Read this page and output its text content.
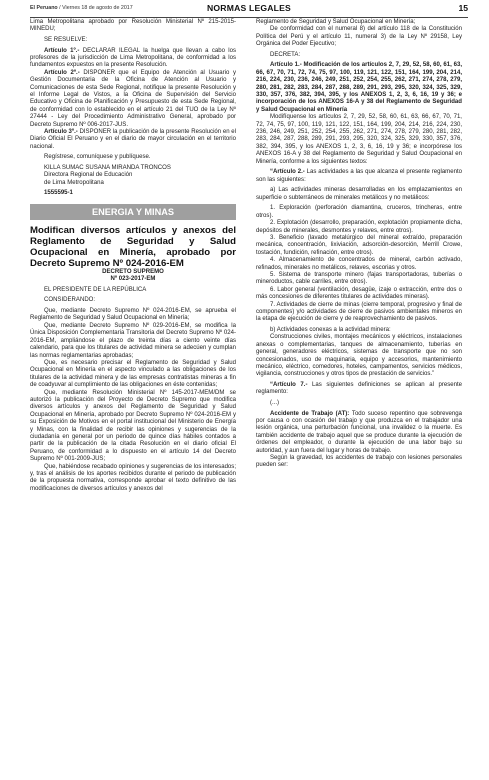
El Peruano / Viernes 18 de agosto de 2017	NORMAS LEGALES	15

Lima Metropolitana aprobado por Resolución Ministerial Nº 215-2015-MINEDU;

SE RESUELVE:

Artículo 1º.- DECLARAR ILEGAL la huelga que llevan a cabo los profesores de la jurisdicción de Lima Metropolitana, de conformidad a los fundamentos expuestos en la presente Resolución.

Artículo 2º.- DISPONER que el Equipo de Atención al Usuario y Gestión Documentaria de la Oficina de Atención al Usuario y Comunicaciones de esta Sede Regional, notifique la presente Resolución y el Informe Legal de Vistos, a la Oficina de Supervisión del Servicio Educativo y Oficina de Planificación y Presupuesto de esta Sede Regional, de conformidad con lo establecido en el artículo 21 del TUO de la Ley Nº 27444 - Ley del Procedimiento Administrativo General, aprobado por Decreto Supremo Nº 006-2017-JUS.

Artículo 3º.- DISPONER la publicación de la presente Resolución en el Diario Oficial El Peruano y en el diario de mayor circulación en el territorio nacional.

Regístrese, comuníquese y publíquese.

KILLA SUMAC SUSANA MIRANDA TRONCOS

Directora Regional de Educación

de Lima Metropolitana

1555595-1

ENERGIA Y MINAS

Modifican diversos artículos y anexos del Reglamento de Seguridad y Salud Ocupacional en Minería, aprobado por Decreto Supremo Nº 024-2016-EM

DECRETO SUPREMO

Nº 023-2017-EM

EL PRESIDENTE DE LA REPÚBLICA

CONSIDERANDO:

Que, mediante Decreto Supremo Nº 024-2016-EM, se aprueba el Reglamento de Seguridad y Salud Ocupacional en Minería;

Que, mediante Decreto Supremo Nº 029-2016-EM, se modifica la Única Disposición Complementaria Transitoria del Decreto Supremo Nº 024-2016-EM, ampliándose el plazo de treinta días a ciento veinte días calendario, para que los titulares de actividad minera se adecúen y cumplan las normas reglamentarias aprobadas;

Que, es necesario precisar el Reglamento de Seguridad y Salud Ocupacional en Minería en el aspecto vinculado a las obligaciones de los titulares de la actividad minera y de las empresas contratistas mineras a fin de coadyuvar al cumplimiento de las obligaciones en éste contenidas;

Que, mediante Resolución Ministerial Nº 145-2017-MEM/DM se autorizó la publicación del Proyecto de Decreto Supremo que modifica diversos artículos y anexos del Reglamento de Seguridad y Salud Ocupacional en Minería, aprobado por Decreto Supremo Nº 024-2016-EM y su Exposición de Motivos en el portal institucional del Ministerio de Energía y Minas, con la finalidad de recibir las opiniones y sugerencias de la ciudadanía en general por un periodo de quince días hábiles contados a partir de la publicación de la citada Resolución en el diario oficial El Peruano, de conformidad a lo dispuesto en el artículo 14 del Decreto Supremo Nº 001-2009-JUS;

Que, habiéndose recabado opiniones y sugerencias de los interesados; y, tras el análisis de los aportes recibidos durante el periodo de publicación de la propuesta normativa, corresponde aprobar el texto definitivo de las modificaciones de diversos artículos y anexos del

Reglamento de Seguridad y Salud Ocupacional en Minería;

De conformidad con el numeral 8) del artículo 118 de la Constitución Política del Perú y el artículo 11, numeral 3) de la Ley Nº 29158, Ley Orgánica del Poder Ejecutivo;

DECRETA:

Artículo 1.- Modificación de los artículos 2, 7, 29, 52, 58, 60, 61, 63, 66, 67, 70, 71, 72, 74, 75, 97, 100, 119, 121, 122, 151, 164, 199, 204, 214, 216, 224, 230, 236, 246, 249, 251, 252, 254, 255, 262, 271, 274, 278, 279, 280, 281, 282, 283, 284, 287, 288, 289, 291, 293, 295, 320, 324, 325, 329, 330, 357, 376, 382, 394, 395, y los ANEXOS 1, 2, 3, 6, 16, 19 y 36; e incorporación de los ANEXOS 16-A y 38 del Reglamento de Seguridad y Salud Ocupacional en Minería

Modifíquense los artículos 2, 7, 29, 52, 58, 60, 61, 63, 66, 67, 70, 71, 72, 74, 75, 97, 100, 119, 121, 122, 151, 164, 199, 204, 214, 216, 224, 230, 236, 246, 249, 251, 252, 254, 255, 262, 271, 274, 278, 279, 280, 281, 282, 283, 284, 287, 288, 289, 291, 293, 295, 320, 324, 325, 329, 330, 357, 376, 382, 394, 395, y los ANEXOS 1, 2, 3, 6, 16, 19 y 36; e incorpórese los ANEXOS 16-A y 38 del Reglamento de Seguridad y Salud Ocupacional en Minería, conforme a los siguientes textos:

“Artículo 2.- Las actividades a las que alcanza el presente reglamento son las siguientes:

a) Las actividades mineras desarrolladas en los emplazamientos en superficie o subterráneos de minerales metálicos y no metálicos:

1. Exploración (perforación diamantina, cruceros, trincheras, entre otros).

2. Explotación (desarrollo, preparación, explotación propiamente dicha, depósitos de minerales, desmontes y relaves, entre otros).

3. Beneficio (lavado metalúrgico del mineral extraído, preparación mecánica, concentración, lixiviación, adsorción-desorción, Merrill Crowe, tostación, fundición, refinación, entre otros).

4. Almacenamiento de concentrados de mineral, carbón activado, refinados, minerales no metálicos, relaves, escorias y otros.

5. Sistema de transporte minero (fajas transportadoras, tuberías o mineroductos, cable carriles, entre otros).

6. Labor general (ventilación, desagüe, izaje o extracción, entre dos o más concesiones de diferentes titulares de actividades mineras).

7. Actividades de cierre de minas (cierre temporal, progresivo y final de componentes) y/o actividades de cierre de pasivos ambientales mineros en la etapa de ejecución de cierre y de reaprovechamiento de pasivos.

b) Actividades conexas a la actividad minera:

Construcciones civiles, montajes mecánicos y eléctricos, instalaciones anexas o complementarias, tanques de almacenamiento, tuberías en general, generadores eléctricos, sistemas de transporte que no son concesionados, uso de maquinaria, equipo y accesorios, mantenimiento mecánico, eléctrico, comedores, hoteles, campamentos, servicios médicos, vigilancia, construcciones y otros tipos de prestación de servicios.”

“Artículo 7.- Las siguientes definiciones se aplican al presente reglamento:

(...)

Accidente de Trabajo (AT): Todo suceso repentino que sobrevenga por causa o con ocasión del trabajo y que produzca en el trabajador una lesión orgánica, una perturbación funcional, una invalidez o la muerte. Es también accidente de trabajo aquel que se produce durante la ejecución de órdenes del empleador, o durante la ejecución de una labor bajo su autoridad, y aun fuera del lugar y horas de trabajo.

Según la gravedad, los accidentes de trabajo con lesiones personales pueden ser:
